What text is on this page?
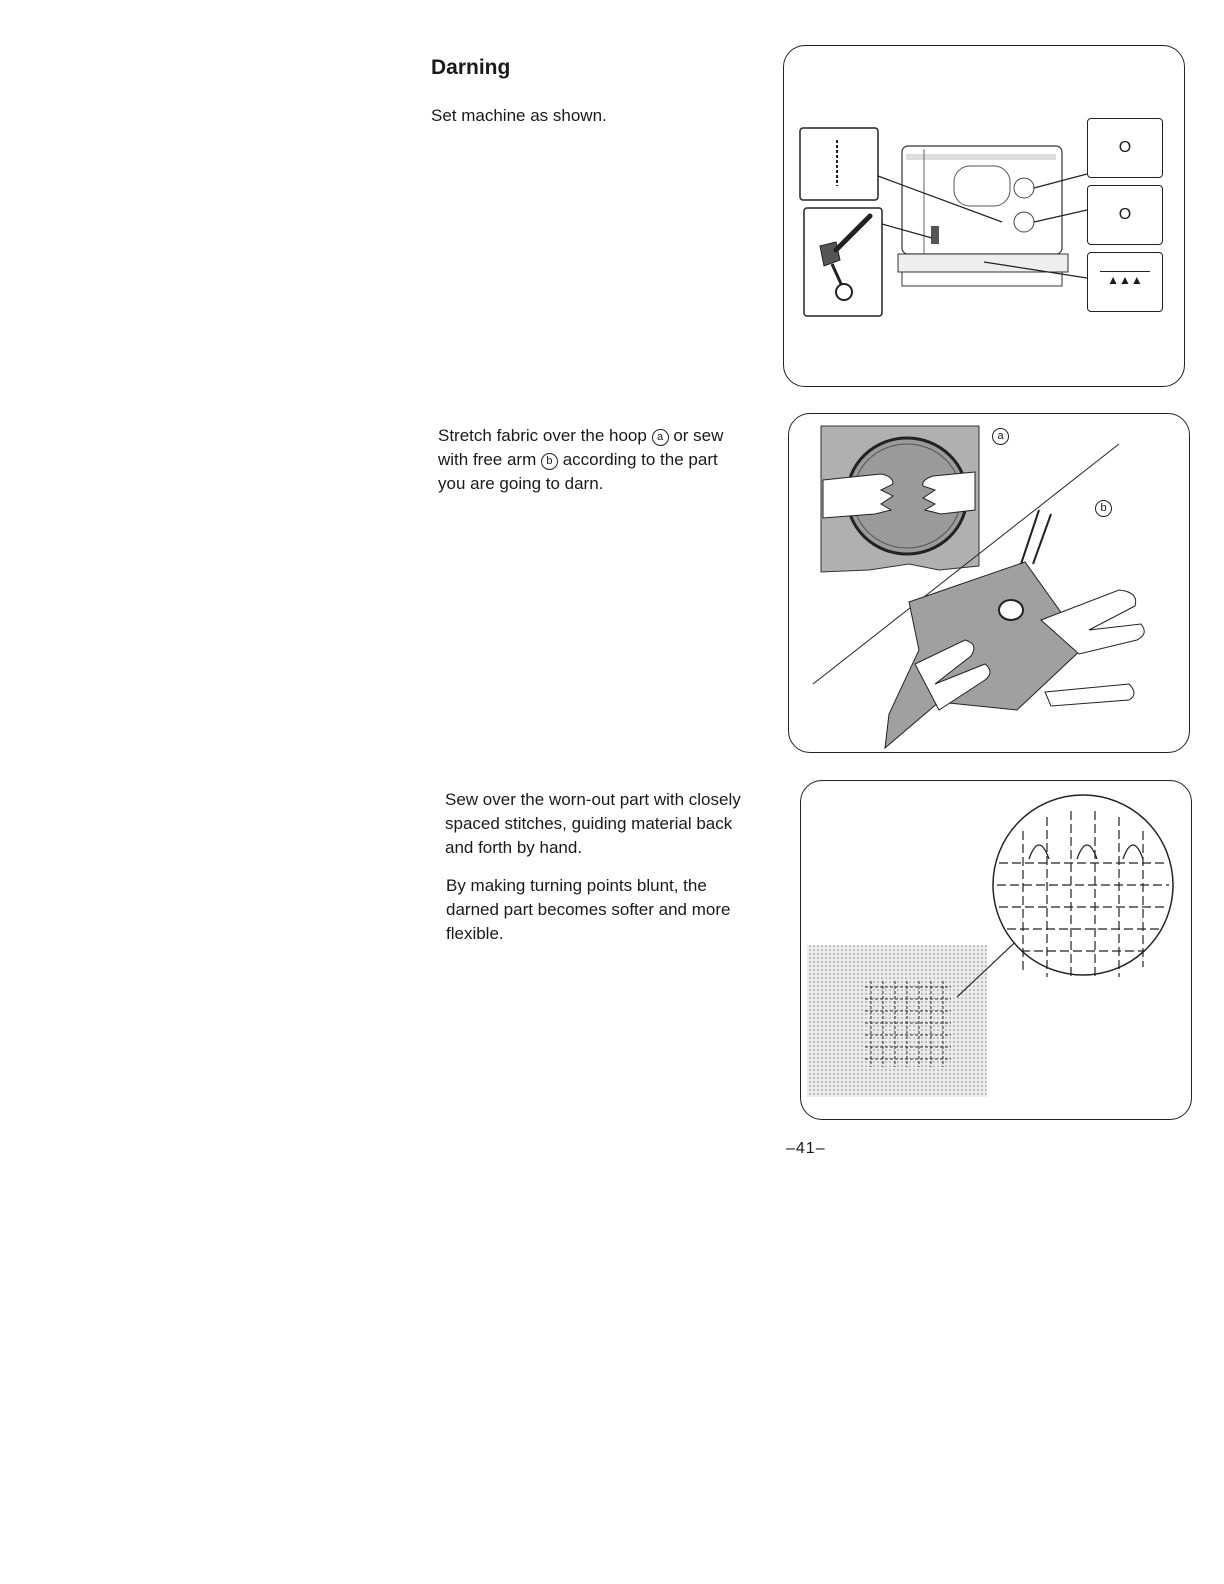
Darning

Set machine as shown.

Stretch fabric over the hoop a or sew with free arm b according to the part you are going to darn.

Sew over the worn-out part with closely spaced stitches, guiding material back and forth by hand.

By making turning points blunt, the darned part becomes softer and more flexible.

O
O
▲▲▲
a
b
–41–
